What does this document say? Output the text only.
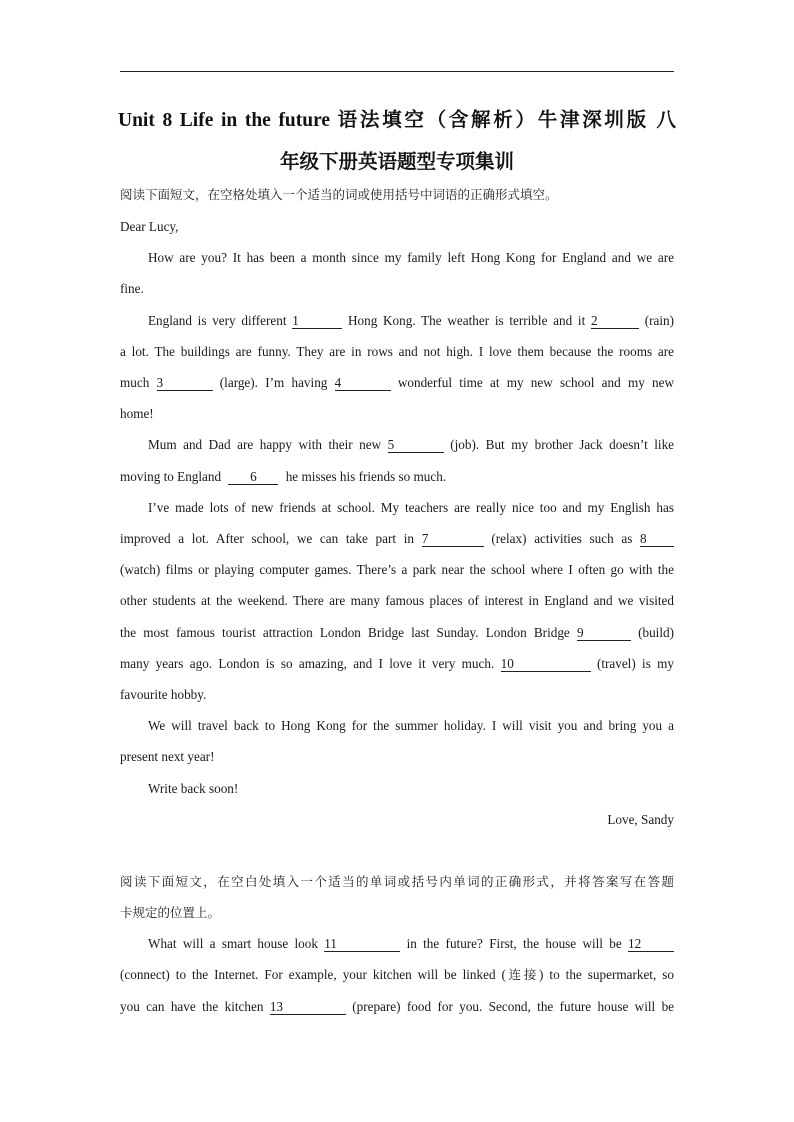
Unit 8 Life in the future 语法填空（含解析）牛津深圳版 八
年级下册英语题型专项集训
阅读下面短文，在空格处填入一个适当的词或使用括号中词语的正确形式填空。
Dear Lucy,
How are you? It has been a month since my family left Hong Kong for England and we are
fine.
England is very different 1	Hong Kong. The weather is terrible and it 2	(rain)
a lot. The buildings are funny. They are in rows and not high. I love them because the rooms are
much 3	(large). I’m having 4	wonderful time at my new school and my new
home!
Mum and Dad are happy with their new 5	(job). But my brother Jack doesn’t like
moving to England 6 he misses his friends so much.
I’ve made lots of new friends at school. My teachers are really nice too and my English has
improved a lot. After school, we can take part in 7	(relax) activities such as 8
(watch) films or playing computer games. There’s a park near the school where I often go with the
other students at the weekend. There are many famous places of interest in England and we visited
the most famous tourist attraction London Bridge last Sunday. London Bridge 9	(build)
many years ago. London is so amazing, and I love it very much. 10	(travel) is my
favourite hobby.
We will travel back to Hong Kong for the summer holiday. I will visit you and bring you a
present next year!
Write back soon!
Love, Sandy
阅读下面短文，在空白处填入一个适当的单词或括号内单词的正确形式，并将答案写在答题
卡规定的位置上。
What will a smart house look 11	in the future? First, the house will be 12
(connect) to the Internet. For example, your kitchen will be linked (连接) to the supermarket, so
you can have the kitchen 13	(prepare) food for you. Second, the future house will be
